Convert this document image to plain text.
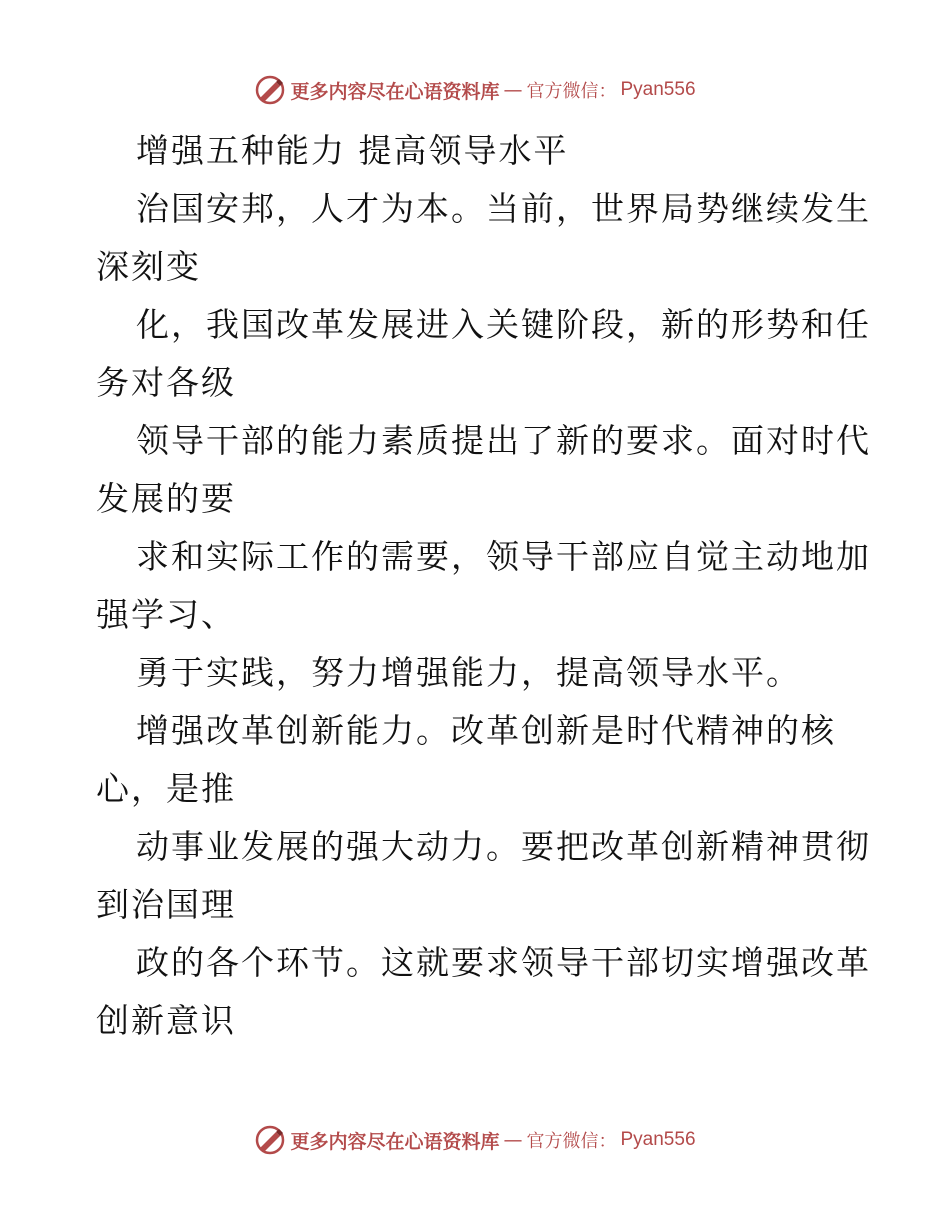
更多内容尽在心语资料库 — 官方微信： Pyan556
增强五种能力 提高领导水平
治国安邦，人才为本。当前，世界局势继续发生
深刻变
化，我国改革发展进入关键阶段，新的形势和任
务对各级
领导干部的能力素质提出了新的要求。面对时代
发展的要
求和实际工作的需要，领导干部应自觉主动地加
强学习、
勇于实践，努力增强能力，提高领导水平。
增强改革创新能力。改革创新是时代精神的核
心，是推
动事业发展的强大动力。要把改革创新精神贯彻
到治国理
政的各个环节。这就要求领导干部切实增强改革
创新意识
更多内容尽在心语资料库 — 官方微信： Pyan556
